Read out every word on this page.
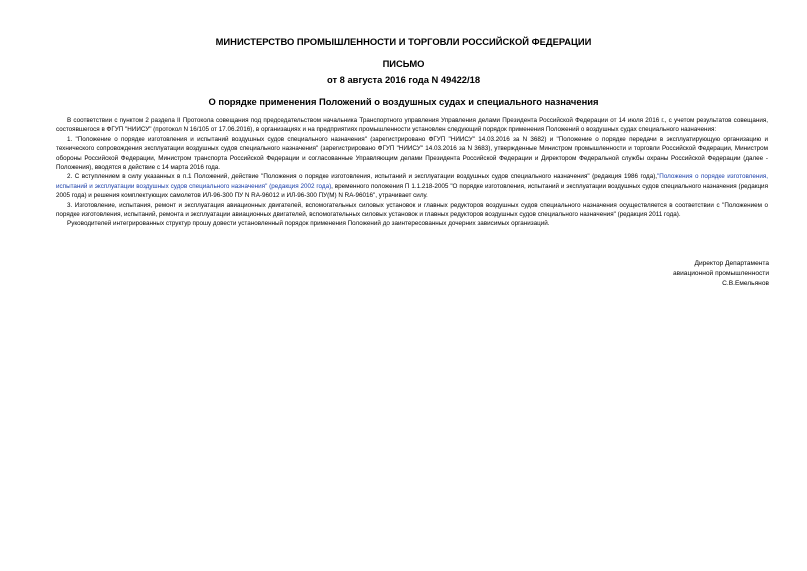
МИНИСТЕРСТВО ПРОМЫШЛЕННОСТИ И ТОРГОВЛИ РОССИЙСКОЙ ФЕДЕРАЦИИ
ПИСЬМО
от 8 августа 2016 года N 49422/18
О порядке применения Положений о воздушных судах и специального назначения

В соответствии с пунктом 2 раздела II Протокола совещания под председательством начальника Транспортного управления Управления делами Президента Российской Федерации от 14 июля 2016 г., с учетом результатов совещания, состоявшегося в ФГУП "НИИСУ" (протокол N 16/105 от 17.06.2016), в организациях и на предприятиях промышленности установлен следующий порядок применения Положений о воздушных судах специального назначения:

1. "Положение о порядке изготовления и испытаний воздушных судов специального назначения" (зарегистрировано ФГУП "НИИСУ" 14.03.2016 за N 3682) и "Положение о порядке передачи в эксплуатирующую организацию и технического сопровождения эксплуатации воздушных судов специального назначения" (зарегистрировано ФГУП "НИИСУ" 14.03.2016 за N 3683), утвержденные Министром промышленности и торговли Российской Федерации, Министром обороны Российской Федерации, Министром транспорта Российской Федерации и согласованные Управляющим делами Президента Российской Федерации и Директором Федеральной службы охраны Российской Федерации (далее - Положения), вводятся в действие с 14 марта 2016 года.

2. С вступлением в силу указанных в п.1 Положений, действие "Положения о порядке изготовления, испытаний и эксплуатации воздушных судов специального назначения" (редакция 1986 года),"Положения о порядке изготовления, испытаний и эксплуатации воздушных судов специального назначения" (редакция 2002 года), временного положения П 1.1.218-2005 "О порядке изготовления, испытаний и эксплуатации воздушных судов специального назначения (редакция 2005 года) и решения комплектующих самолетов ИЛ-96-300 ПУ N RA-96012 и ИЛ-96-300 ПУ(М) N RA-96016", утрачивает силу.

3. Изготовление, испытания, ремонт и эксплуатация авиационных двигателей, вспомогательных силовых установок и главных редукторов воздушных судов специального назначения осуществляется в соответствии с "Положением о порядке изготовления, испытаний, ремонта и эксплуатации авиационных двигателей, вспомогательных силовых установок и главных редукторов воздушных судов специального назначения" (редакция 2011 года).

Руководителей интегрированных структур прошу довести установленный порядок применения Положений до заинтересованных дочерних зависимых организаций.

Директор Департамента
авиационной промышленности
С.В.Емельянов
